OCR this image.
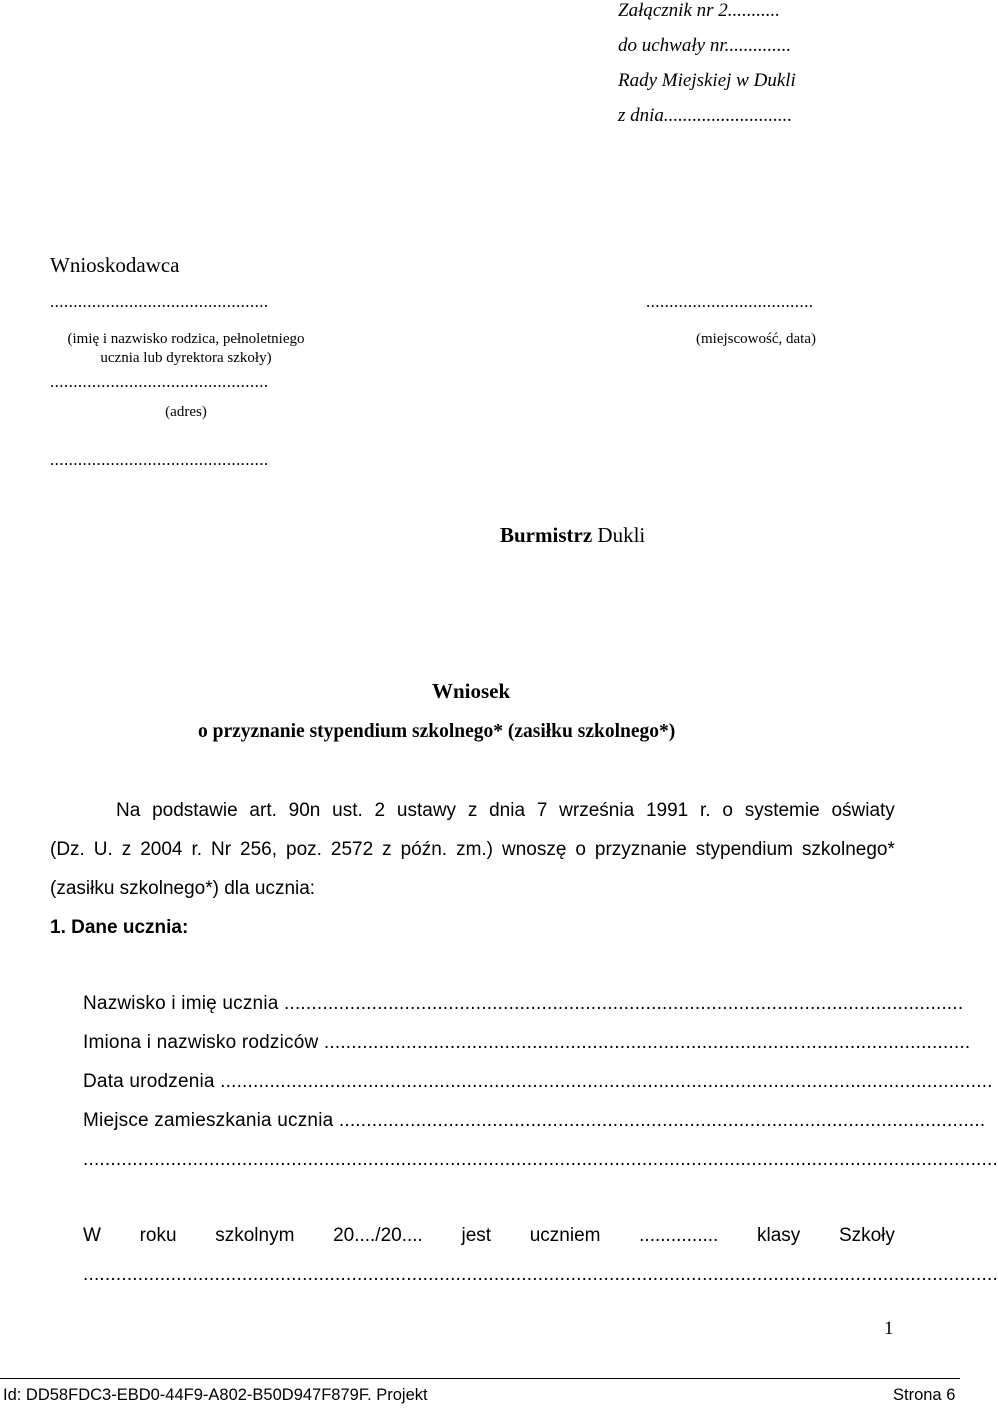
Załącznik nr 2...........
do uchwały nr..............
Rady Miejskiej w Dukli
z dnia...........................
Wnioskodawca
...............................................
(imię i nazwisko rodzica, pełnoletniego ucznia lub dyrektora szkoły)
...............................................
(adres)
...............................................
....................................
(miejscowość, data)
Burmistrz Dukli
Wniosek
o przyznanie stypendium szkolnego* (zasiłku szkolnego*)
Na podstawie art. 90n ust. 2 ustawy z dnia 7 września 1991 r. o systemie oświaty
(Dz. U. z 2004 r. Nr 256, poz. 2572 z późn. zm.) wnoszę o przyznanie stypendium szkolnego*
(zasiłku szkolnego*) dla ucznia:
1. Dane ucznia:
Nazwisko i imię ucznia ............................................................................................................................
Imiona i nazwisko rodziców ......................................................................................................................
Data urodzenia .............................................................................................................................................
Miejsce zamieszkania ucznia ......................................................................................................................
.......................................................................................................................................................................
W roku szkolnym 20..../20.... jest uczniem ............... klasy Szkoły
.......................................................................................................................................................................
1
Id: DD58FDC3-EBD0-44F9-A802-B50D947F879F. Projekt	Strona 6
